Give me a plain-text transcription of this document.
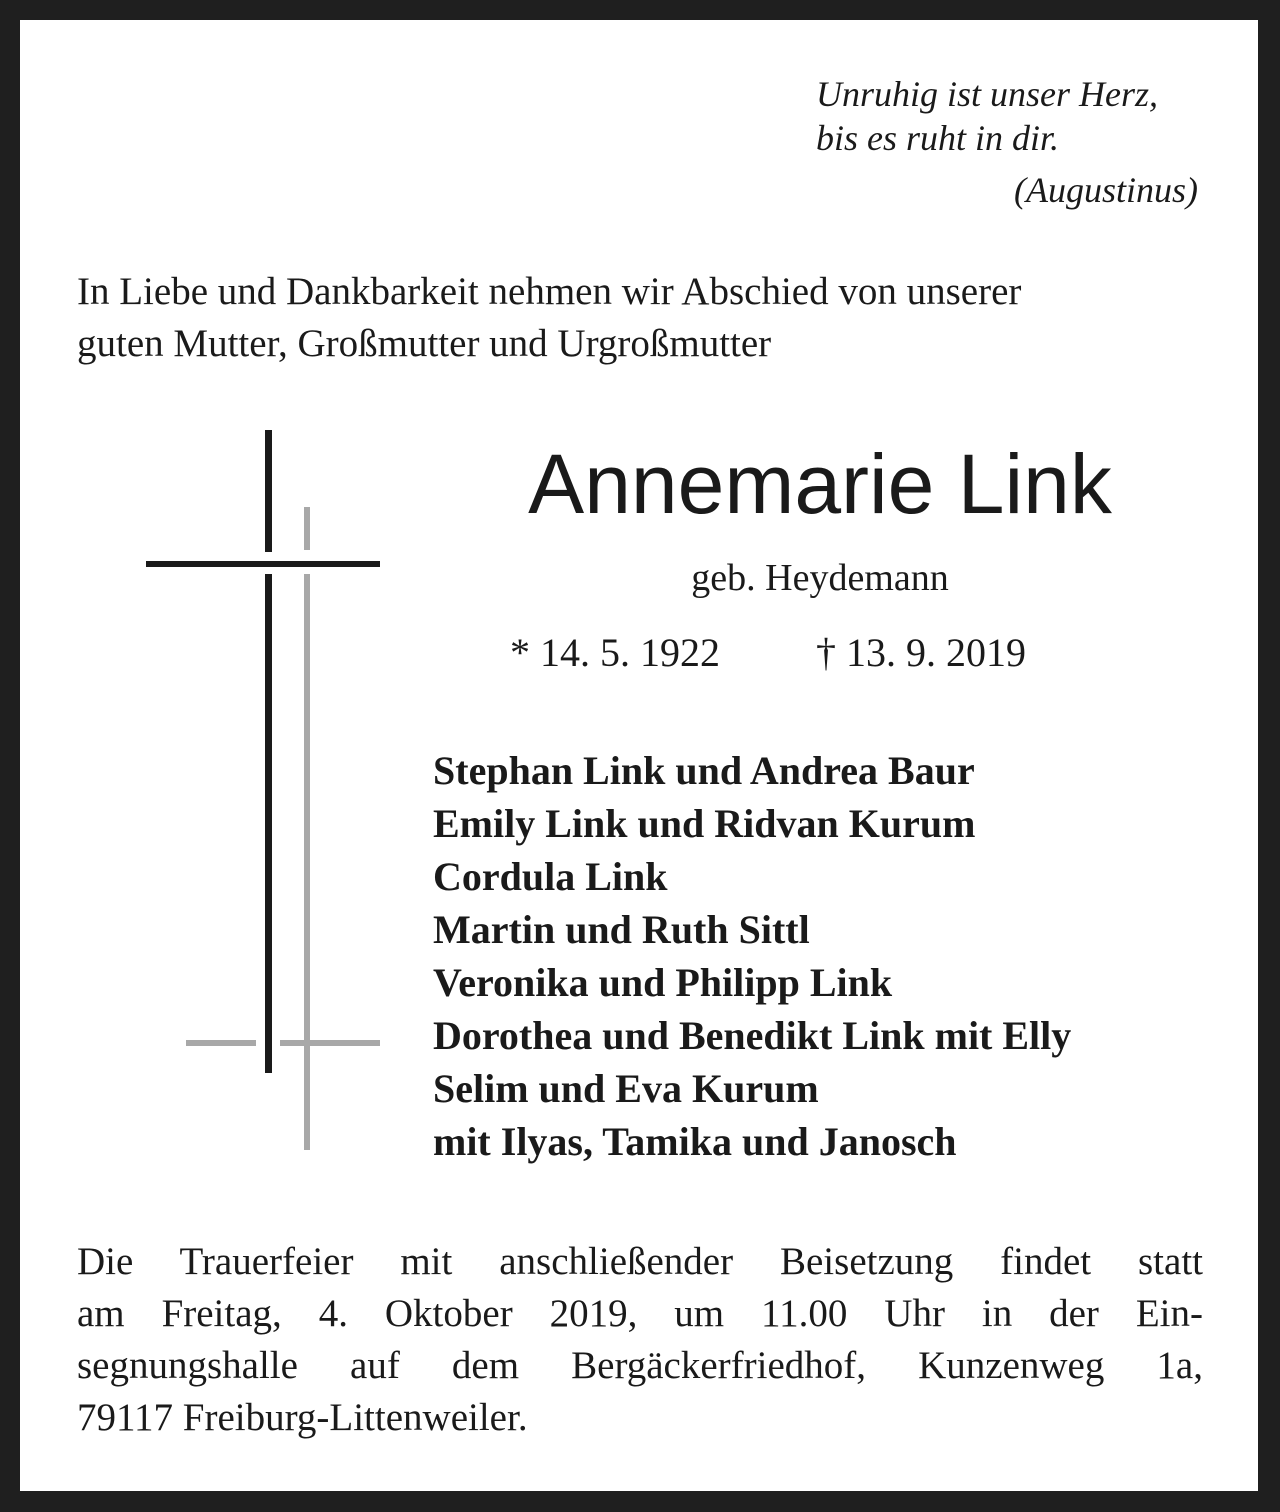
Unruhig ist unser Herz,
bis es ruht in dir.
(Augustinus)
In Liebe und Dankbarkeit nehmen wir Abschied von unserer
guten Mutter, Großmutter und Urgroßmutter
Annemarie Link
geb. Heydemann
* 14. 5. 1922 † 13. 9. 2019
Stephan Link und Andrea Baur
Emily Link und Ridvan Kurum
Cordula Link
Martin und Ruth Sittl
Veronika und Philipp Link
Dorothea und Benedikt Link mit Elly
Selim und Eva Kurum
mit Ilyas, Tamika und Janosch
Die Trauerfeier mit anschließender Beisetzung findet statt
am Freitag, 4. Oktober 2019, um 11.00 Uhr in der Ein-
segnungshalle auf dem Bergäckerfriedhof, Kunzenweg 1a,
79117 Freiburg-Littenweiler.
